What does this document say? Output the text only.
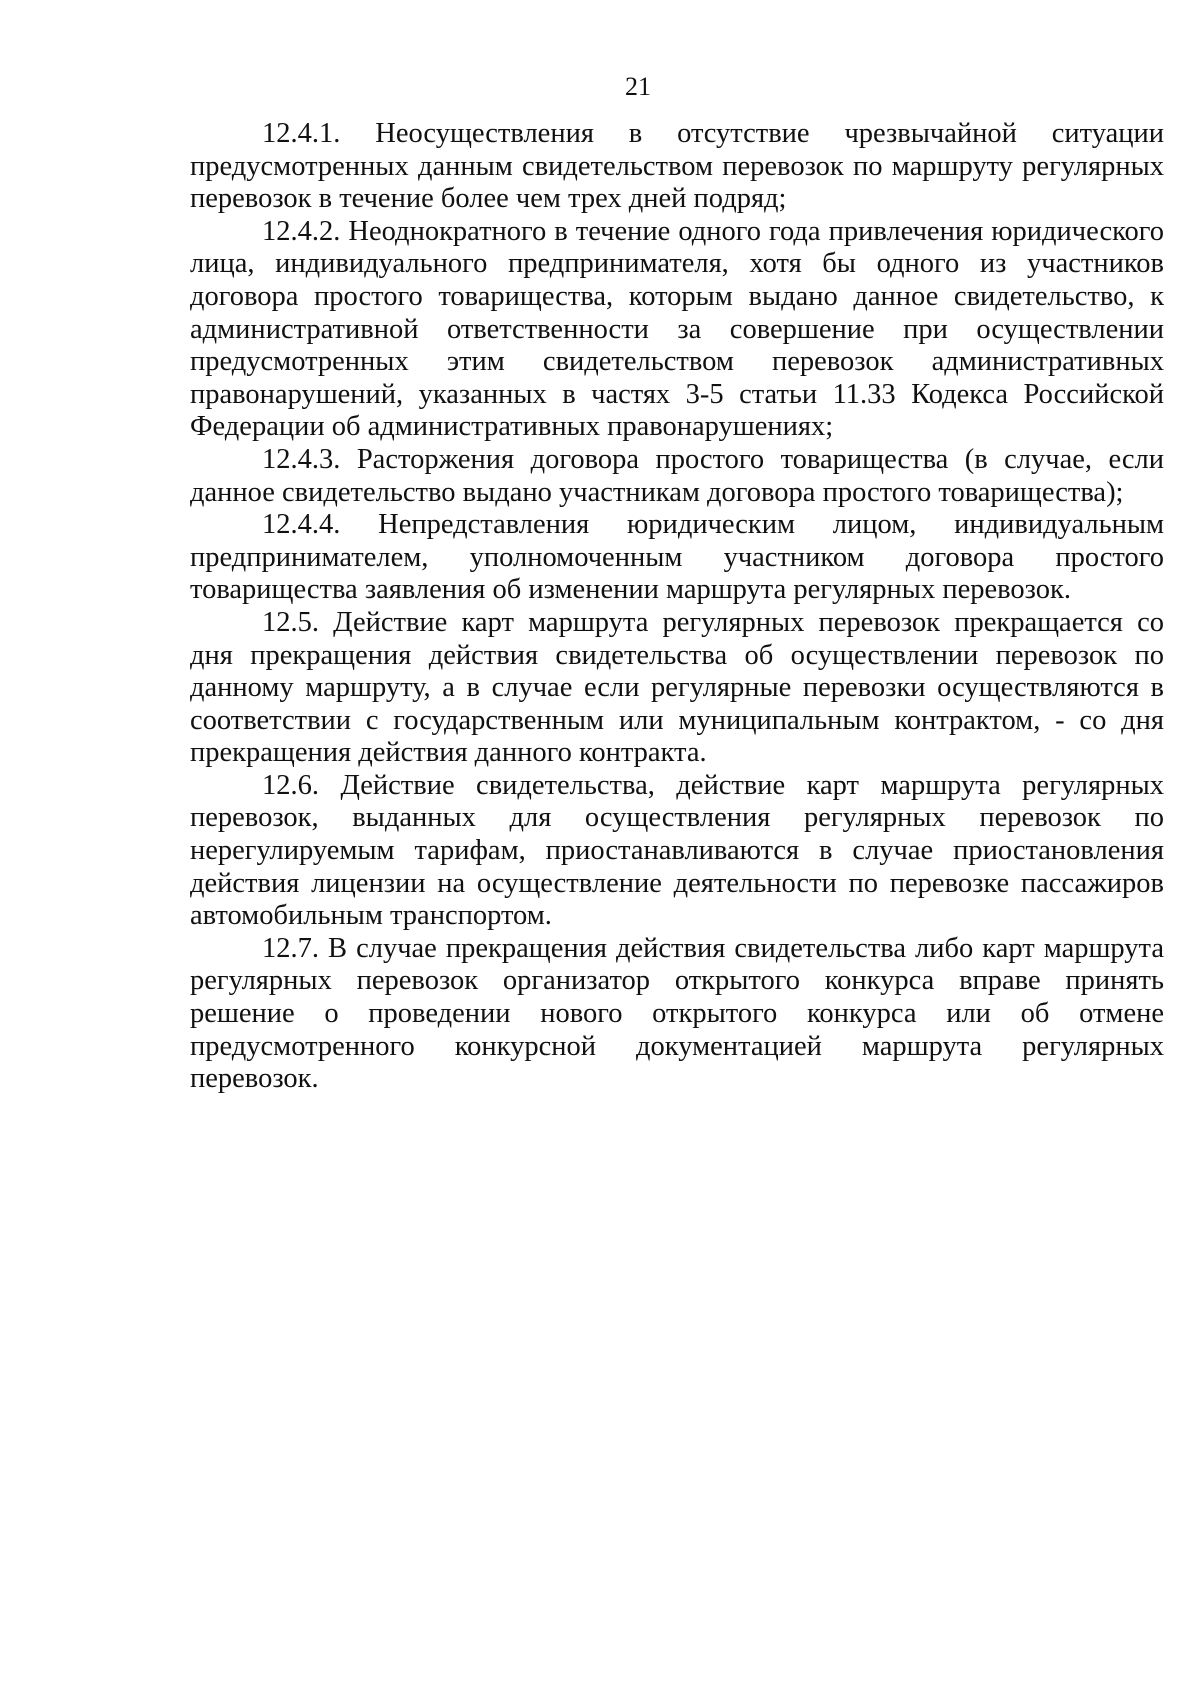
21

12.4.1. Неосуществления в отсутствие чрезвычайной ситуации предусмотренных данным свидетельством перевозок по маршруту регулярных перевозок в течение более чем трех дней подряд;

12.4.2. Неоднократного в течение одного года привлечения юридического лица, индивидуального предпринимателя, хотя бы одного из участников договора простого товарищества, которым выдано данное свидетельство, к административной ответственности за совершение при осуществлении предусмотренных этим свидетельством перевозок административных правонарушений, указанных в частях 3-5 статьи 11.33 Кодекса Российской Федерации об административных правонарушениях;

12.4.3. Расторжения договора простого товарищества (в случае, если данное свидетельство выдано участникам договора простого товарищества);

12.4.4. Непредставления юридическим лицом, индивидуальным предпринимателем, уполномоченным участником договора простого товарищества заявления об изменении маршрута регулярных перевозок.

12.5. Действие карт маршрута регулярных перевозок прекращается со дня прекращения действия свидетельства об осуществлении перевозок по данному маршруту, а в случае если регулярные перевозки осуществляются в соответствии с государственным или муниципальным контрактом, - со дня прекращения действия данного контракта.

12.6. Действие свидетельства, действие карт маршрута регулярных перевозок, выданных для осуществления регулярных перевозок по нерегулируемым тарифам, приостанавливаются в случае приостановления действия лицензии на осуществление деятельности по перевозке пассажиров автомобильным транспортом.

12.7. В случае прекращения действия свидетельства либо карт маршрута регулярных перевозок организатор открытого конкурса вправе принять решение о проведении нового открытого конкурса или об отмене предусмотренного конкурсной документацией маршрута регулярных перевозок.
